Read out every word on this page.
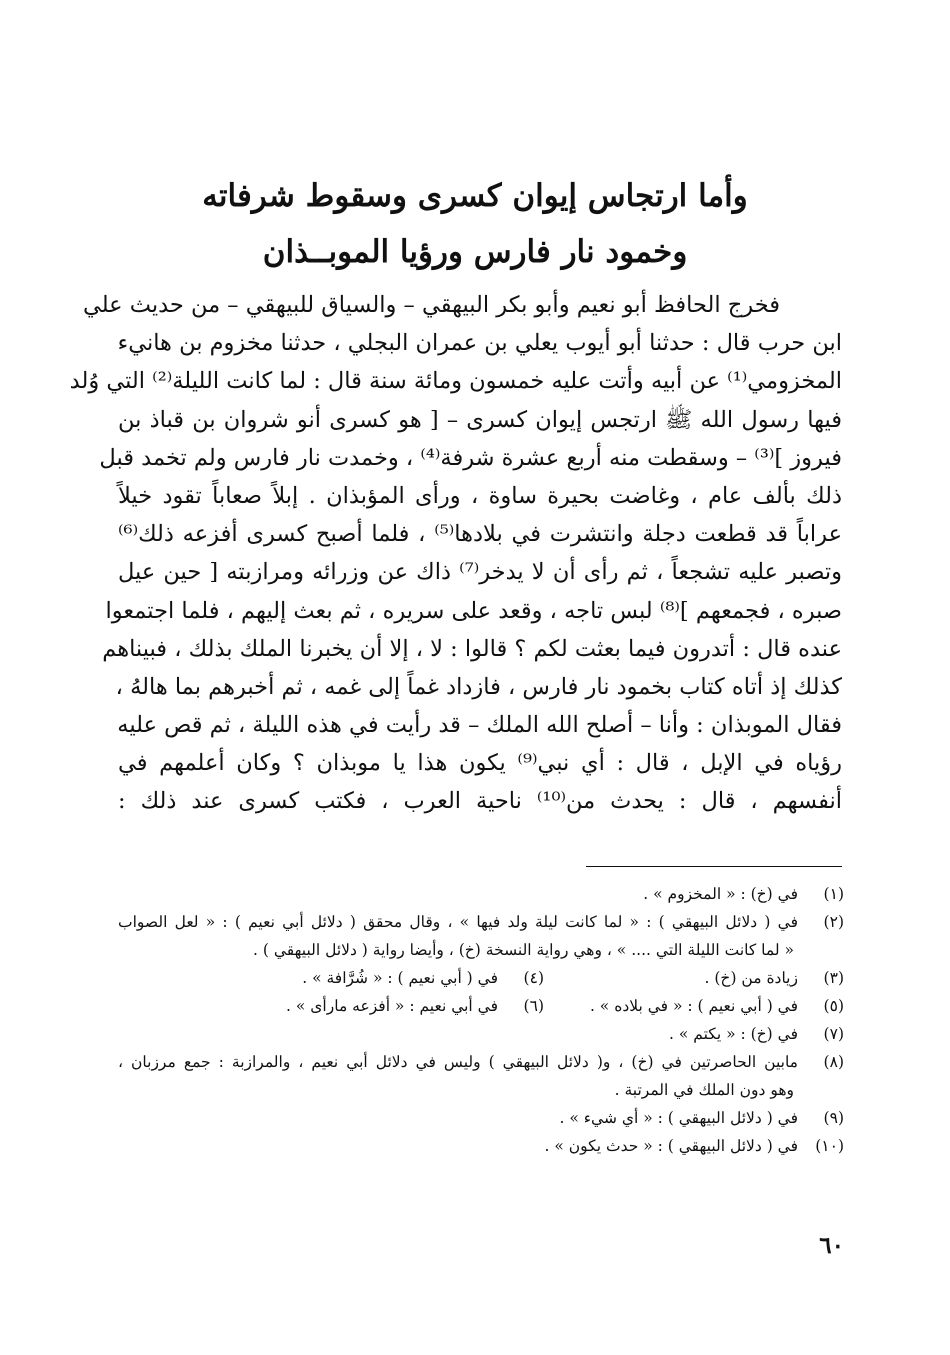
وأما ارتجاس إيوان كسرى وسقوط شرفاته
وخمود نار فارس ورؤيا الموبــذان
فخرج الحافظ أبو نعيم وأبو بكر البيهقي – والسياق للبيهقي – من حديث علي
ابن حرب قال : حدثنا أبو أيوب يعلي بن عمران البجلي ، حدثنا مخزوم بن هانيء
المخزومي⁽¹⁾ عن أبيه وأتت عليه خمسون ومائة سنة قال : لما كانت الليلة⁽²⁾ التي وُلد
فيها رسول الله ﷺ ارتجس إيوان كسرى – [ هو كسرى أنو شروان بن قباذ بن
فيروز ]⁽³⁾ – وسقطت منه أربع عشرة شرفة⁽⁴⁾ ، وخمدت نار فارس ولم تخمد قبل
ذلك بألف عام ، وغاضت بحيرة ساوة ، ورأى المؤبذان . إبلاً صعاباً تقود خيلاً
عراباً قد قطعت دجلة وانتشرت في بلادها⁽⁵⁾ ، فلما أصبح كسرى أفزعه ذلك⁽⁶⁾
وتصبر عليه تشجعاً ، ثم رأى أن لا يدخر⁽⁷⁾ ذاك عن وزرائه ومرازبته [ حين عيل
صبره ، فجمعهم ]⁽⁸⁾ لبس تاجه ، وقعد على سريره ، ثم بعث إليهم ، فلما اجتمعوا
عنده قال : أتدرون فيما بعثت لكم ؟ قالوا : لا ، إلا أن يخبرنا الملك بذلك ، فبيناهم
كذلك إذ أتاه كتاب بخمود نار فارس ، فازداد غماً إلى غمه ، ثم أخبرهم بما هالهُ ،
فقال الموبذان : وأنا – أصلح الله الملك – قد رأيت في هذه الليلة ، ثم قص عليه
رؤياه في الإبل ، قال : أي نبي⁽⁹⁾ يكون هذا يا موبذان ؟ وكان أعلمهم في
أنفسهم ، قال : يحدث من⁽¹⁰⁾ ناحية العرب ، فكتب كسرى عند ذلك :
(١)
في (خ) : « المخزوم » .
(٢)
في ( دلائل البيهقي ) : « لما كانت ليلة ولد فيها » ، وقال محقق ( دلائل أبي نعيم ) : « لعل الصواب
« لما كانت الليلة التي .... » ، وهي رواية النسخة (خ) ، وأيضا رواية ( دلائل البيهقي ) .
(٣)
زيادة من (خ) .
(٤)
في ( أبي نعيم ) : « شُرَّافة » .
(٥)
في ( أبي نعيم ) : « في بلاده » .
(٦)
في أبي نعيم : « أفزعه مارأى » .
(٧)
في (خ) : « يكتم » .
(٨)
مابين الحاصرتين في (خ) ، و( دلائل البيهقي ) وليس في دلائل أبي نعيم ، والمرازبة : جمع مرزبان ،
وهو دون الملك في المرتبة .
(٩)
في ( دلائل البيهقي ) : « أي شيء » .
(١٠)
في ( دلائل البيهقي ) : « حدث يكون » .
٦٠
